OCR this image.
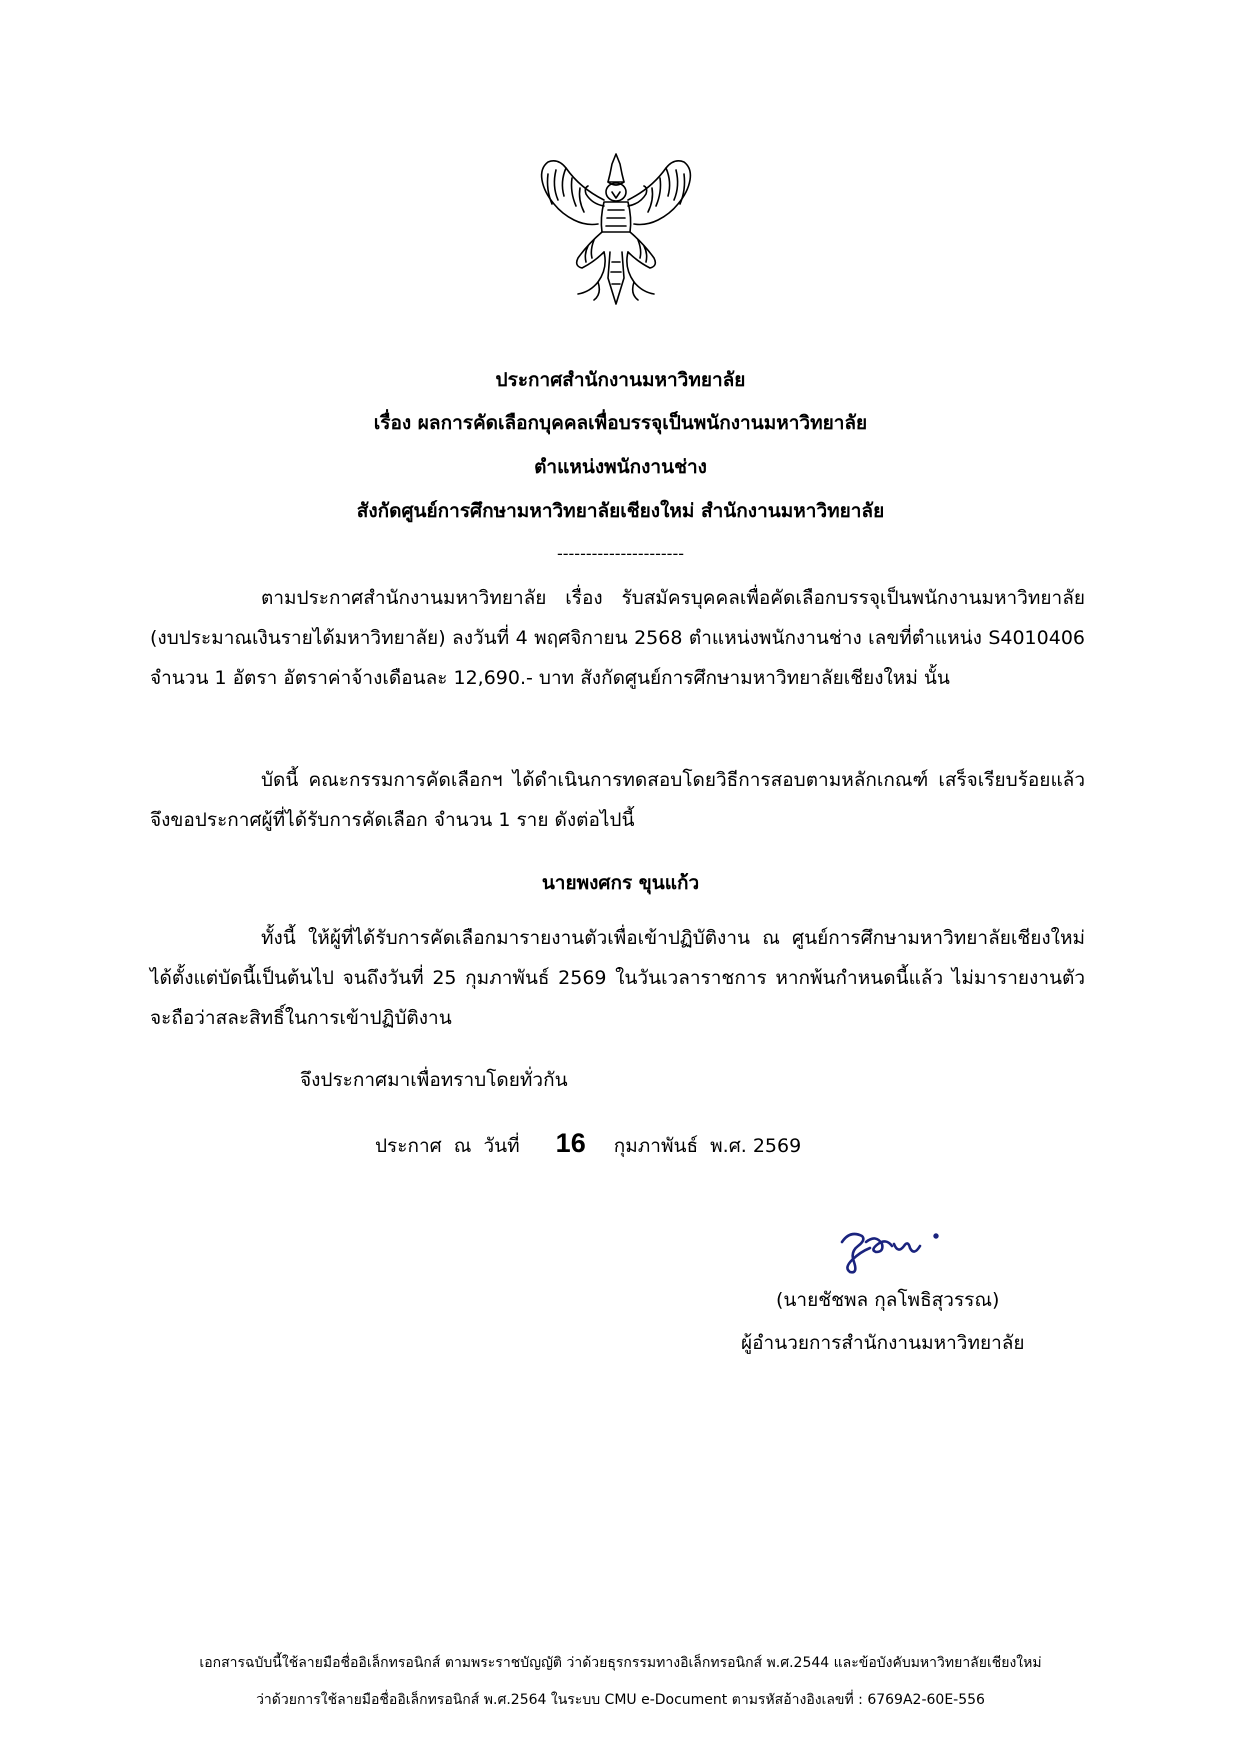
ประกาศสำนักงานมหาวิทยาลัย
เรื่อง ผลการคัดเลือกบุคคลเพื่อบรรจุเป็นพนักงานมหาวิทยาลัย
ตำแหน่งพนักงานช่าง
สังกัดศูนย์การศึกษามหาวิทยาลัยเชียงใหม่ สำนักงานมหาวิทยาลัย
----------------------
ตามประกาศสำนักงานมหาวิทยาลัย เรื่อง รับสมัครบุคคลเพื่อคัดเลือกบรรจุเป็นพนักงานมหาวิทยาลัย (งบประมาณเงินรายได้มหาวิทยาลัย) ลงวันที่ 4 พฤศจิกายน 2568 ตำแหน่งพนักงานช่าง เลขที่ตำแหน่ง S4010406 จำนวน 1 อัตรา อัตราค่าจ้างเดือนละ 12,690.- บาท สังกัดศูนย์การศึกษามหาวิทยาลัยเชียงใหม่ นั้น
บัดนี้ คณะกรรมการคัดเลือกฯ ได้ดำเนินการทดสอบโดยวิธีการสอบตามหลักเกณฑ์ เสร็จเรียบร้อยแล้ว จึงขอประกาศผู้ที่ได้รับการคัดเลือก จำนวน 1 ราย ดังต่อไปนี้
นายพงศกร ขุนแก้ว
ทั้งนี้ ให้ผู้ที่ได้รับการคัดเลือกมารายงานตัวเพื่อเข้าปฏิบัติงาน ณ ศูนย์การศึกษามหาวิทยาลัยเชียงใหม่ ได้ตั้งแต่บัดนี้เป็นต้นไป จนถึงวันที่ 25 กุมภาพันธ์ 2569 ในวันเวลาราชการ หากพ้นกำหนดนี้แล้ว ไม่มารายงานตัวจะถือว่าสละสิทธิ์ในการเข้าปฏิบัติงาน
จึงประกาศมาเพื่อทราบโดยทั่วกัน
ประกาศ  ณ  วันที่ 16 กุมภาพันธ์  พ.ศ. 2569
(นายชัชพล กุลโพธิสุวรรณ)
ผู้อำนวยการสำนักงานมหาวิทยาลัย
เอกสารฉบับนี้ใช้ลายมือชื่ออิเล็กทรอนิกส์ ตามพระราชบัญญัติ ว่าด้วยธุรกรรมทางอิเล็กทรอนิกส์ พ.ศ.2544 และข้อบังคับมหาวิทยาลัยเชียงใหม่
ว่าด้วยการใช้ลายมือชื่ออิเล็กทรอนิกส์ พ.ศ.2564 ในระบบ CMU e-Document ตามรหัสอ้างอิงเลขที่ : 6769A2-60E-556
